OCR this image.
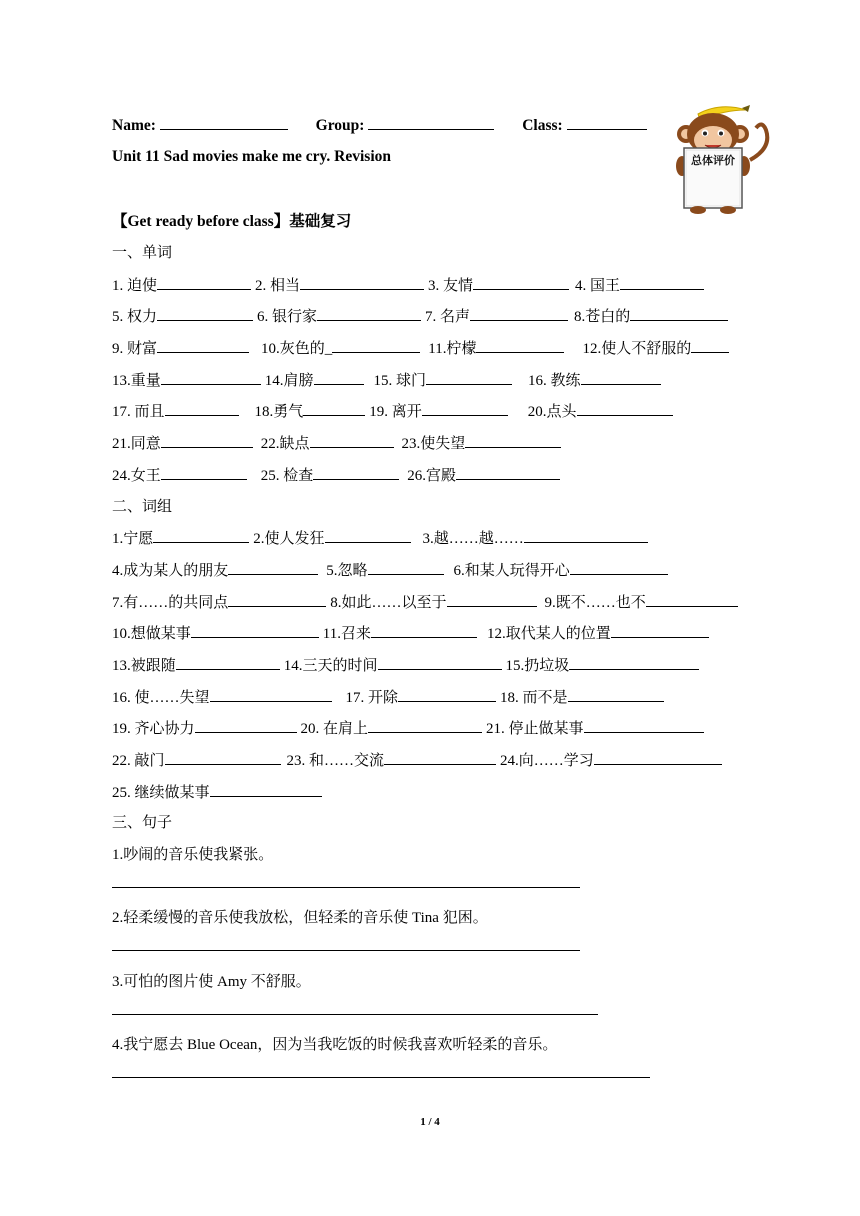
Name:	Group:	Class:
Unit 11 Sad movies make me cry. Revision	总体评价
【Get ready before class】基础复习
一、单词
1. 迫使	2. 相当	3. 友情	4. 国王
5. 权力	6. 银行家	7. 名声	8.苍白的
9. 财富	10.灰色的_	11.柠檬	12.使人不舒服的
13.重量	14.肩膀	15. 球门	16. 教练
17. 而且	18.勇气	19. 离开	20.点头
21.同意	22.缺点	23.使失望
24.女王	25. 检查	26.宫殿
二、词组
1.宁愿	2.使人发狂	3.越……越……
4.成为某人的朋友	5.忽略	6.和某人玩得开心
7.有……的共同点	8.如此……以至于	9.既不……也不
10.想做某事	11.召来	12.取代某人的位置
13.被跟随	14.三天的时间	15.扔垃圾
16. 使……失望	17. 开除	18. 而不是
19. 齐心协力	20. 在肩上	21. 停止做某事
22. 敲门	23. 和……交流	24.向……学习
25. 继续做某事
三、句子
1.吵闹的音乐使我紧张。
2.轻柔缓慢的音乐使我放松，但轻柔的音乐使 Tina 犯困。
3.可怕的图片使 Amy 不舒服。
4.我宁愿去 Blue Ocean，因为当我吃饭的时候我喜欢听轻柔的音乐。
1 / 4
